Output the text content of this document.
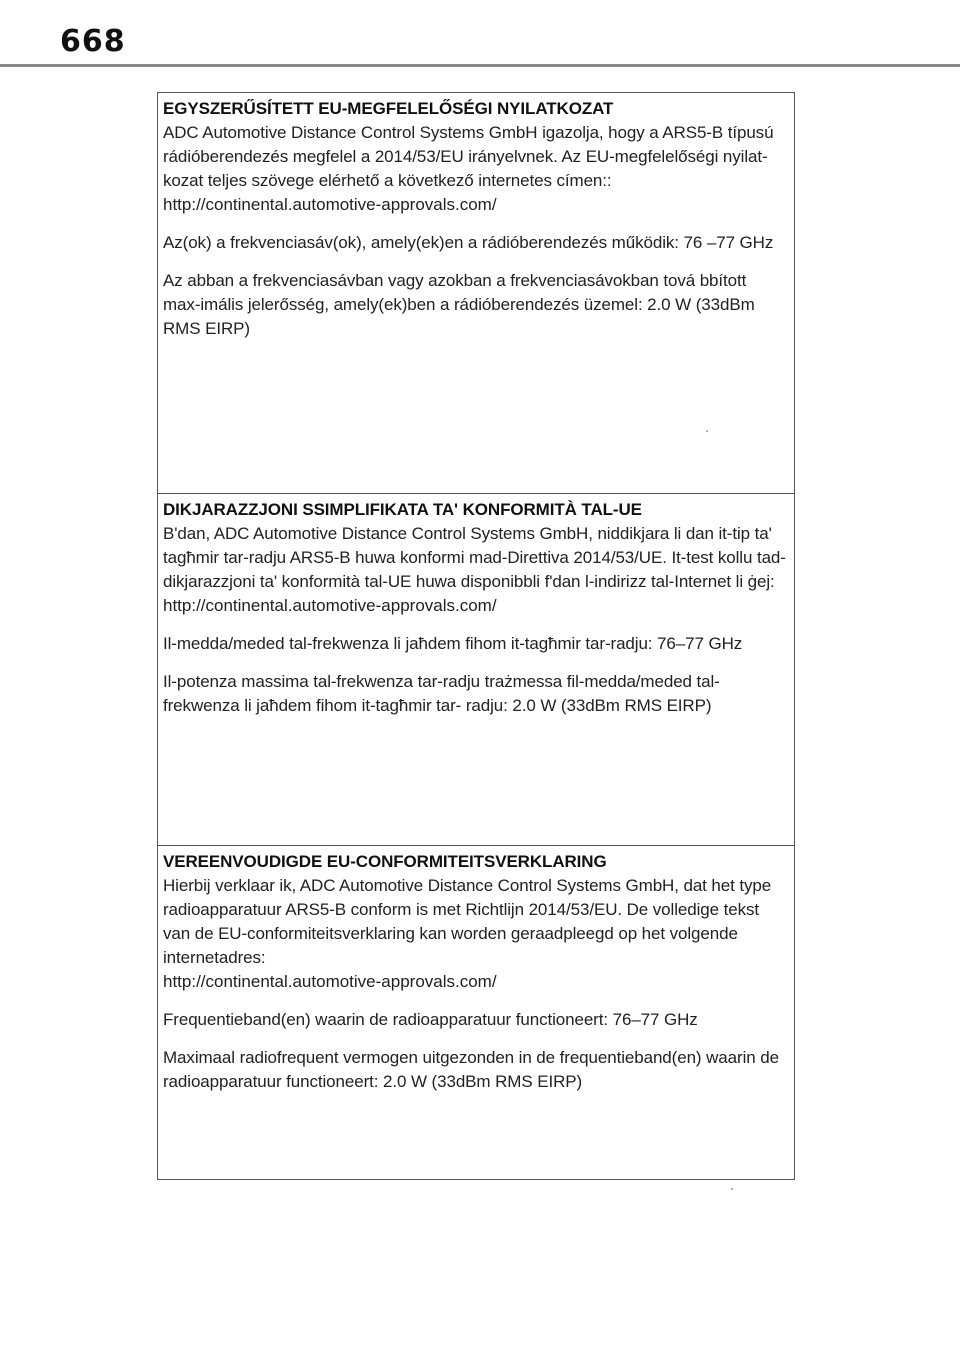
668
EGYSZERŰSÍTETT EU-MEGFELELŐSÉGI NYILATKOZAT

ADC Automotive Distance Control Systems GmbH igazolja, hogy a ARS5-B típusú rádióberendezés megfelel a 2014/53/EU irányelvnek. Az EU-megfelelőségi nyilat-kozat teljes szövege elérhető a következő internetes címen::

http://continental.automotive-approvals.com/

Az(ok) a frekvenciasáv(ok), amely(ek)en a rádióberendezés működik: 76 –77 GHz

Az abban a frekvenciasávban vagy azokban a frekvenciasávokban tová bbított max-imális jelerősség, amely(ek)ben a rádióberendezés üzemel: 2.0 W (33dBm RMS EIRP)

DIKJARAZZJONI SSIMPLIFIKATA TA' KONFORMITÀ TAL-UE

B'dan, ADC Automotive Distance Control Systems GmbH, niddikjara li dan it-tip ta' tagħmir tar-radju ARS5-B huwa konformi mad-Direttiva 2014/53/UE. It-test kollu tad-dikjarazzjoni ta' konformità tal-UE huwa disponibbli f'dan l-indirizz tal-Internet li ġej:

http://continental.automotive-approvals.com/

Il-medda/meded tal-frekwenza li jaħdem fihom it-tagħmir tar-radju: 76–77 GHz

Il-potenza massima tal-frekwenza tar-radju trażmessa fil-medda/meded tal-frekwenza li jaħdem fihom it-tagħmir tar- radju: 2.0 W (33dBm RMS EIRP)

VEREENVOUDIGDE EU-CONFORMITEITSVERKLARING

Hierbij verklaar ik, ADC Automotive Distance Control Systems GmbH, dat het type radioapparatuur ARS5-B conform is met Richtlijn 2014/53/EU. De volledige tekst van de EU-conformiteitsverklaring kan worden geraadpleegd op het volgende internetadres:

http://continental.automotive-approvals.com/

Frequentieband(en) waarin de radioapparatuur functioneert: 76–77 GHz

Maximaal radiofrequent vermogen uitgezonden in de frequentieband(en) waarin de radioapparatuur functioneert: 2.0 W (33dBm RMS EIRP)
